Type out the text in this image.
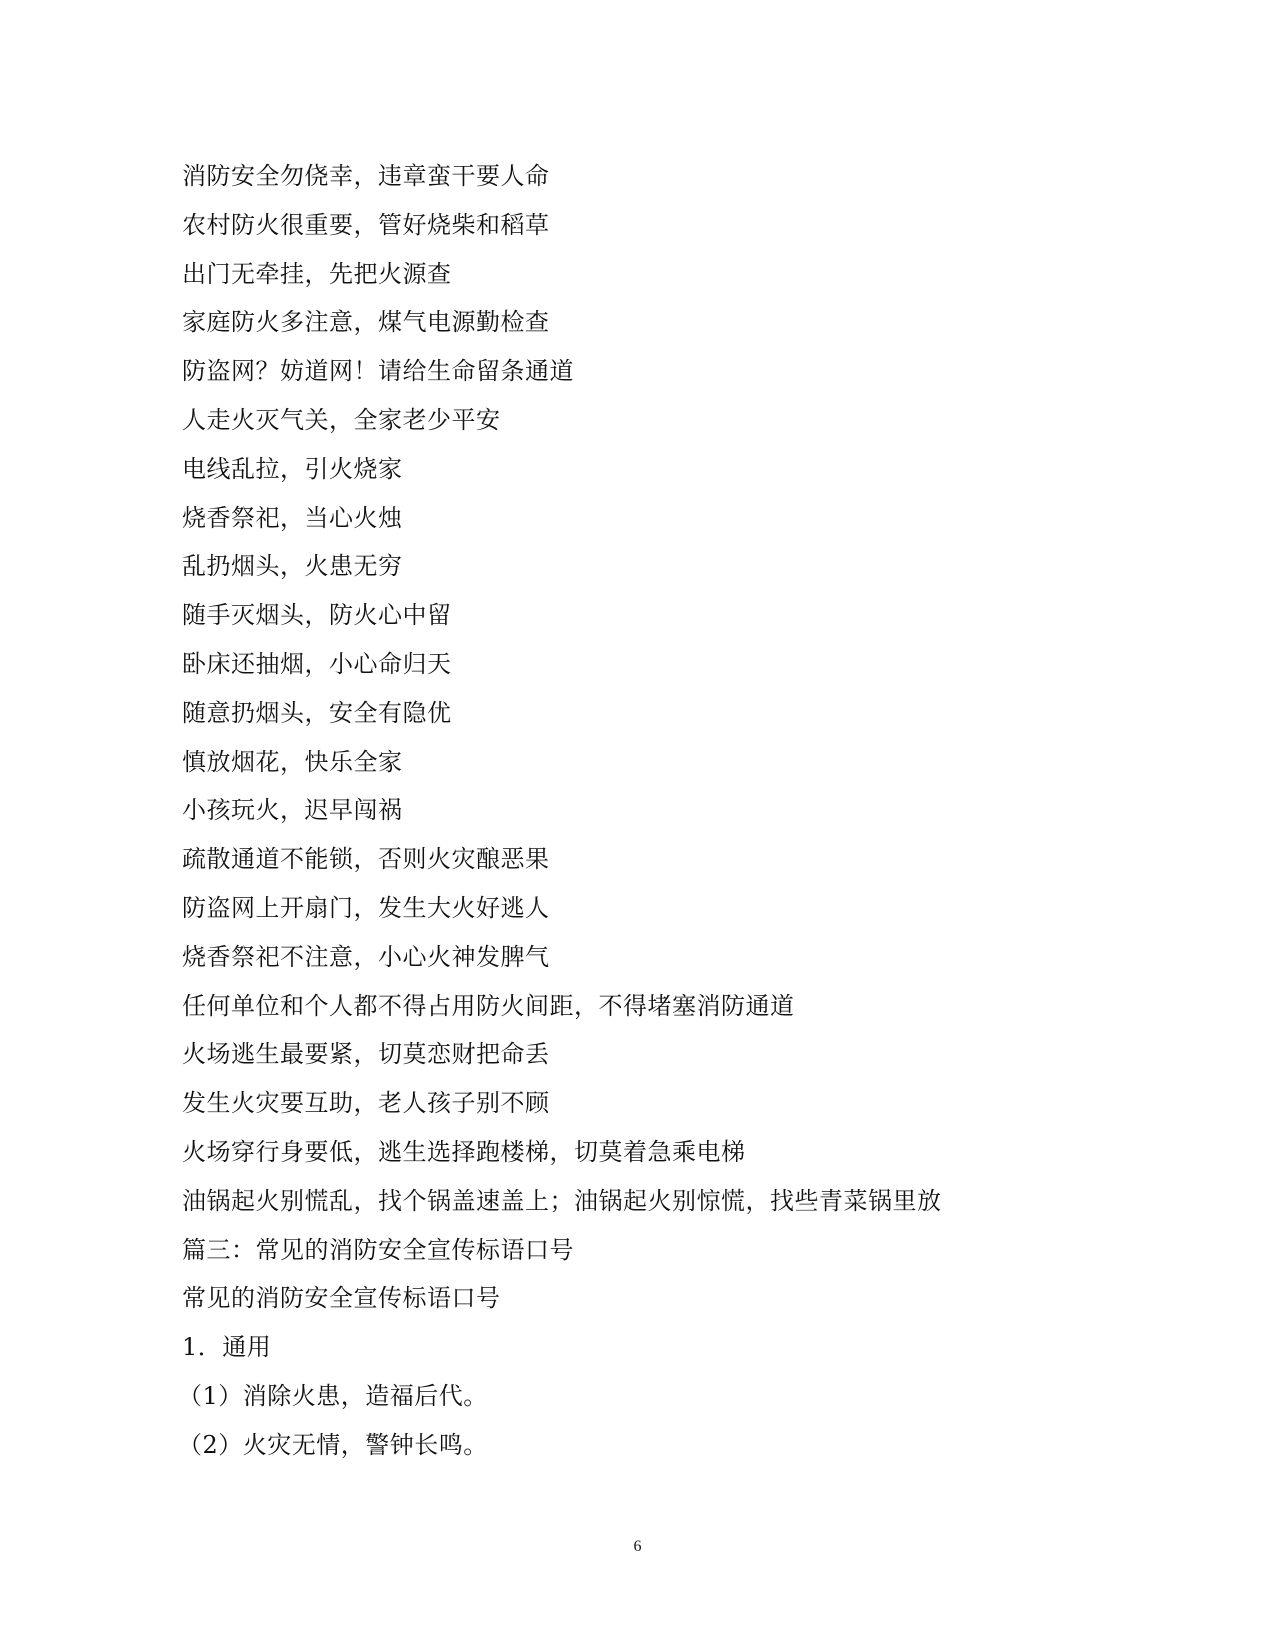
消防安全勿侥幸，违章蛮干要人命
农村防火很重要，管好烧柴和稻草
出门无牵挂，先把火源查
家庭防火多注意，煤气电源勤检查
防盗网？妨道网！请给生命留条通道
人走火灭气关，全家老少平安
电线乱拉，引火烧家
烧香祭祀，当心火烛
乱扔烟头，火患无穷
随手灭烟头，防火心中留
卧床还抽烟，小心命归天
随意扔烟头，安全有隐优
慎放烟花，快乐全家
小孩玩火，迟早闯祸
疏散通道不能锁，否则火灾酿恶果
防盗网上开扇门，发生大火好逃人
烧香祭祀不注意，小心火神发脾气
任何单位和个人都不得占用防火间距，不得堵塞消防通道
火场逃生最要紧，切莫恋财把命丢
发生火灾要互助，老人孩子别不顾
火场穿行身要低，逃生选择跑楼梯，切莫着急乘电梯
油锅起火别慌乱，找个锅盖速盖上；油锅起火别惊慌，找些青菜锅里放
篇三：常见的消防安全宣传标语口号
常见的消防安全宣传标语口号
1．通用
（1）消除火患，造福后代。
（2）火灾无情，警钟长鸣。
6
